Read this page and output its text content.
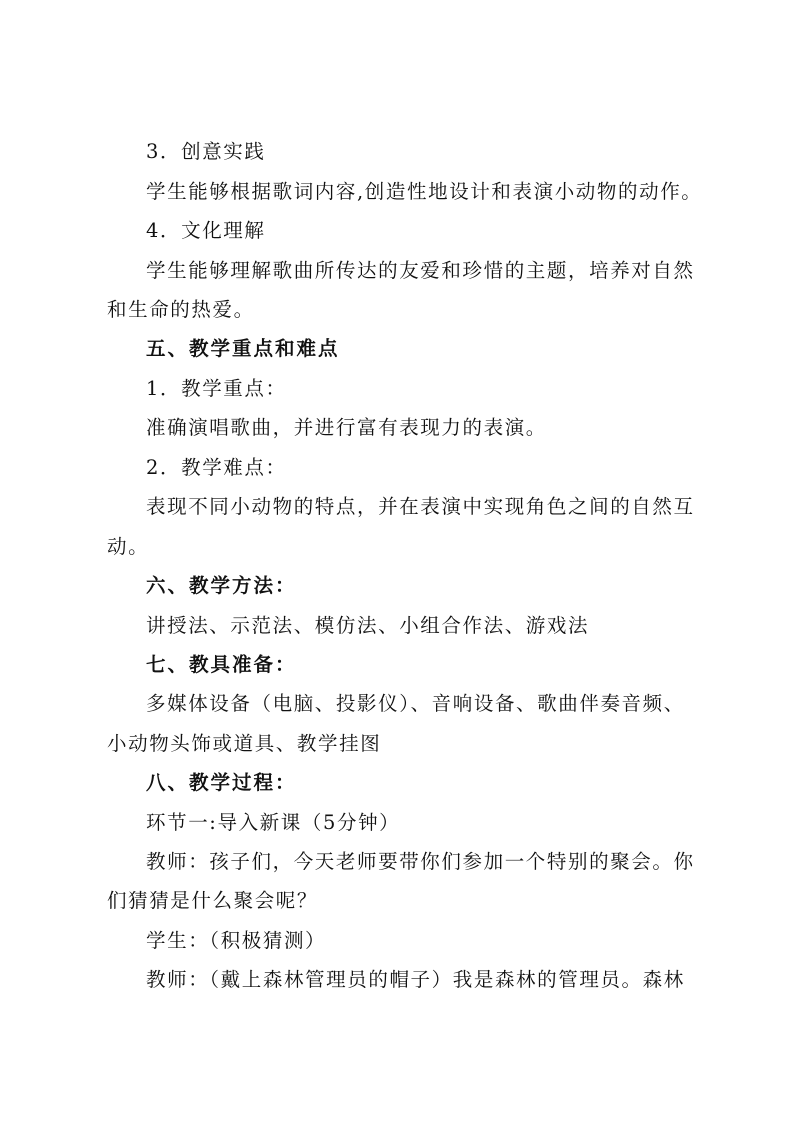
3．创意实践
学生能够根据歌词内容,创造性地设计和表演小动物的动作。
4．文化理解
学生能够理解歌曲所传达的友爱和珍惜的主题，培养对自然
和生命的热爱。
五、教学重点和难点
1．教学重点：
准确演唱歌曲，并进行富有表现力的表演。
2．教学难点：
表现不同小动物的特点，并在表演中实现角色之间的自然互
动。
六、教学方法：
讲授法、示范法、模仿法、小组合作法、游戏法
七、教具准备：
多媒体设备（电脑、投影仪）、音响设备、歌曲伴奏音频、
小动物头饰或道具、教学挂图
八、教学过程：
环节一:导入新课（5分钟）
教师：孩子们，今天老师要带你们参加一个特别的聚会。你
们猜猜是什么聚会呢？
学生：（积极猜测）
教师：（戴上森林管理员的帽子）我是森林的管理员。森林
